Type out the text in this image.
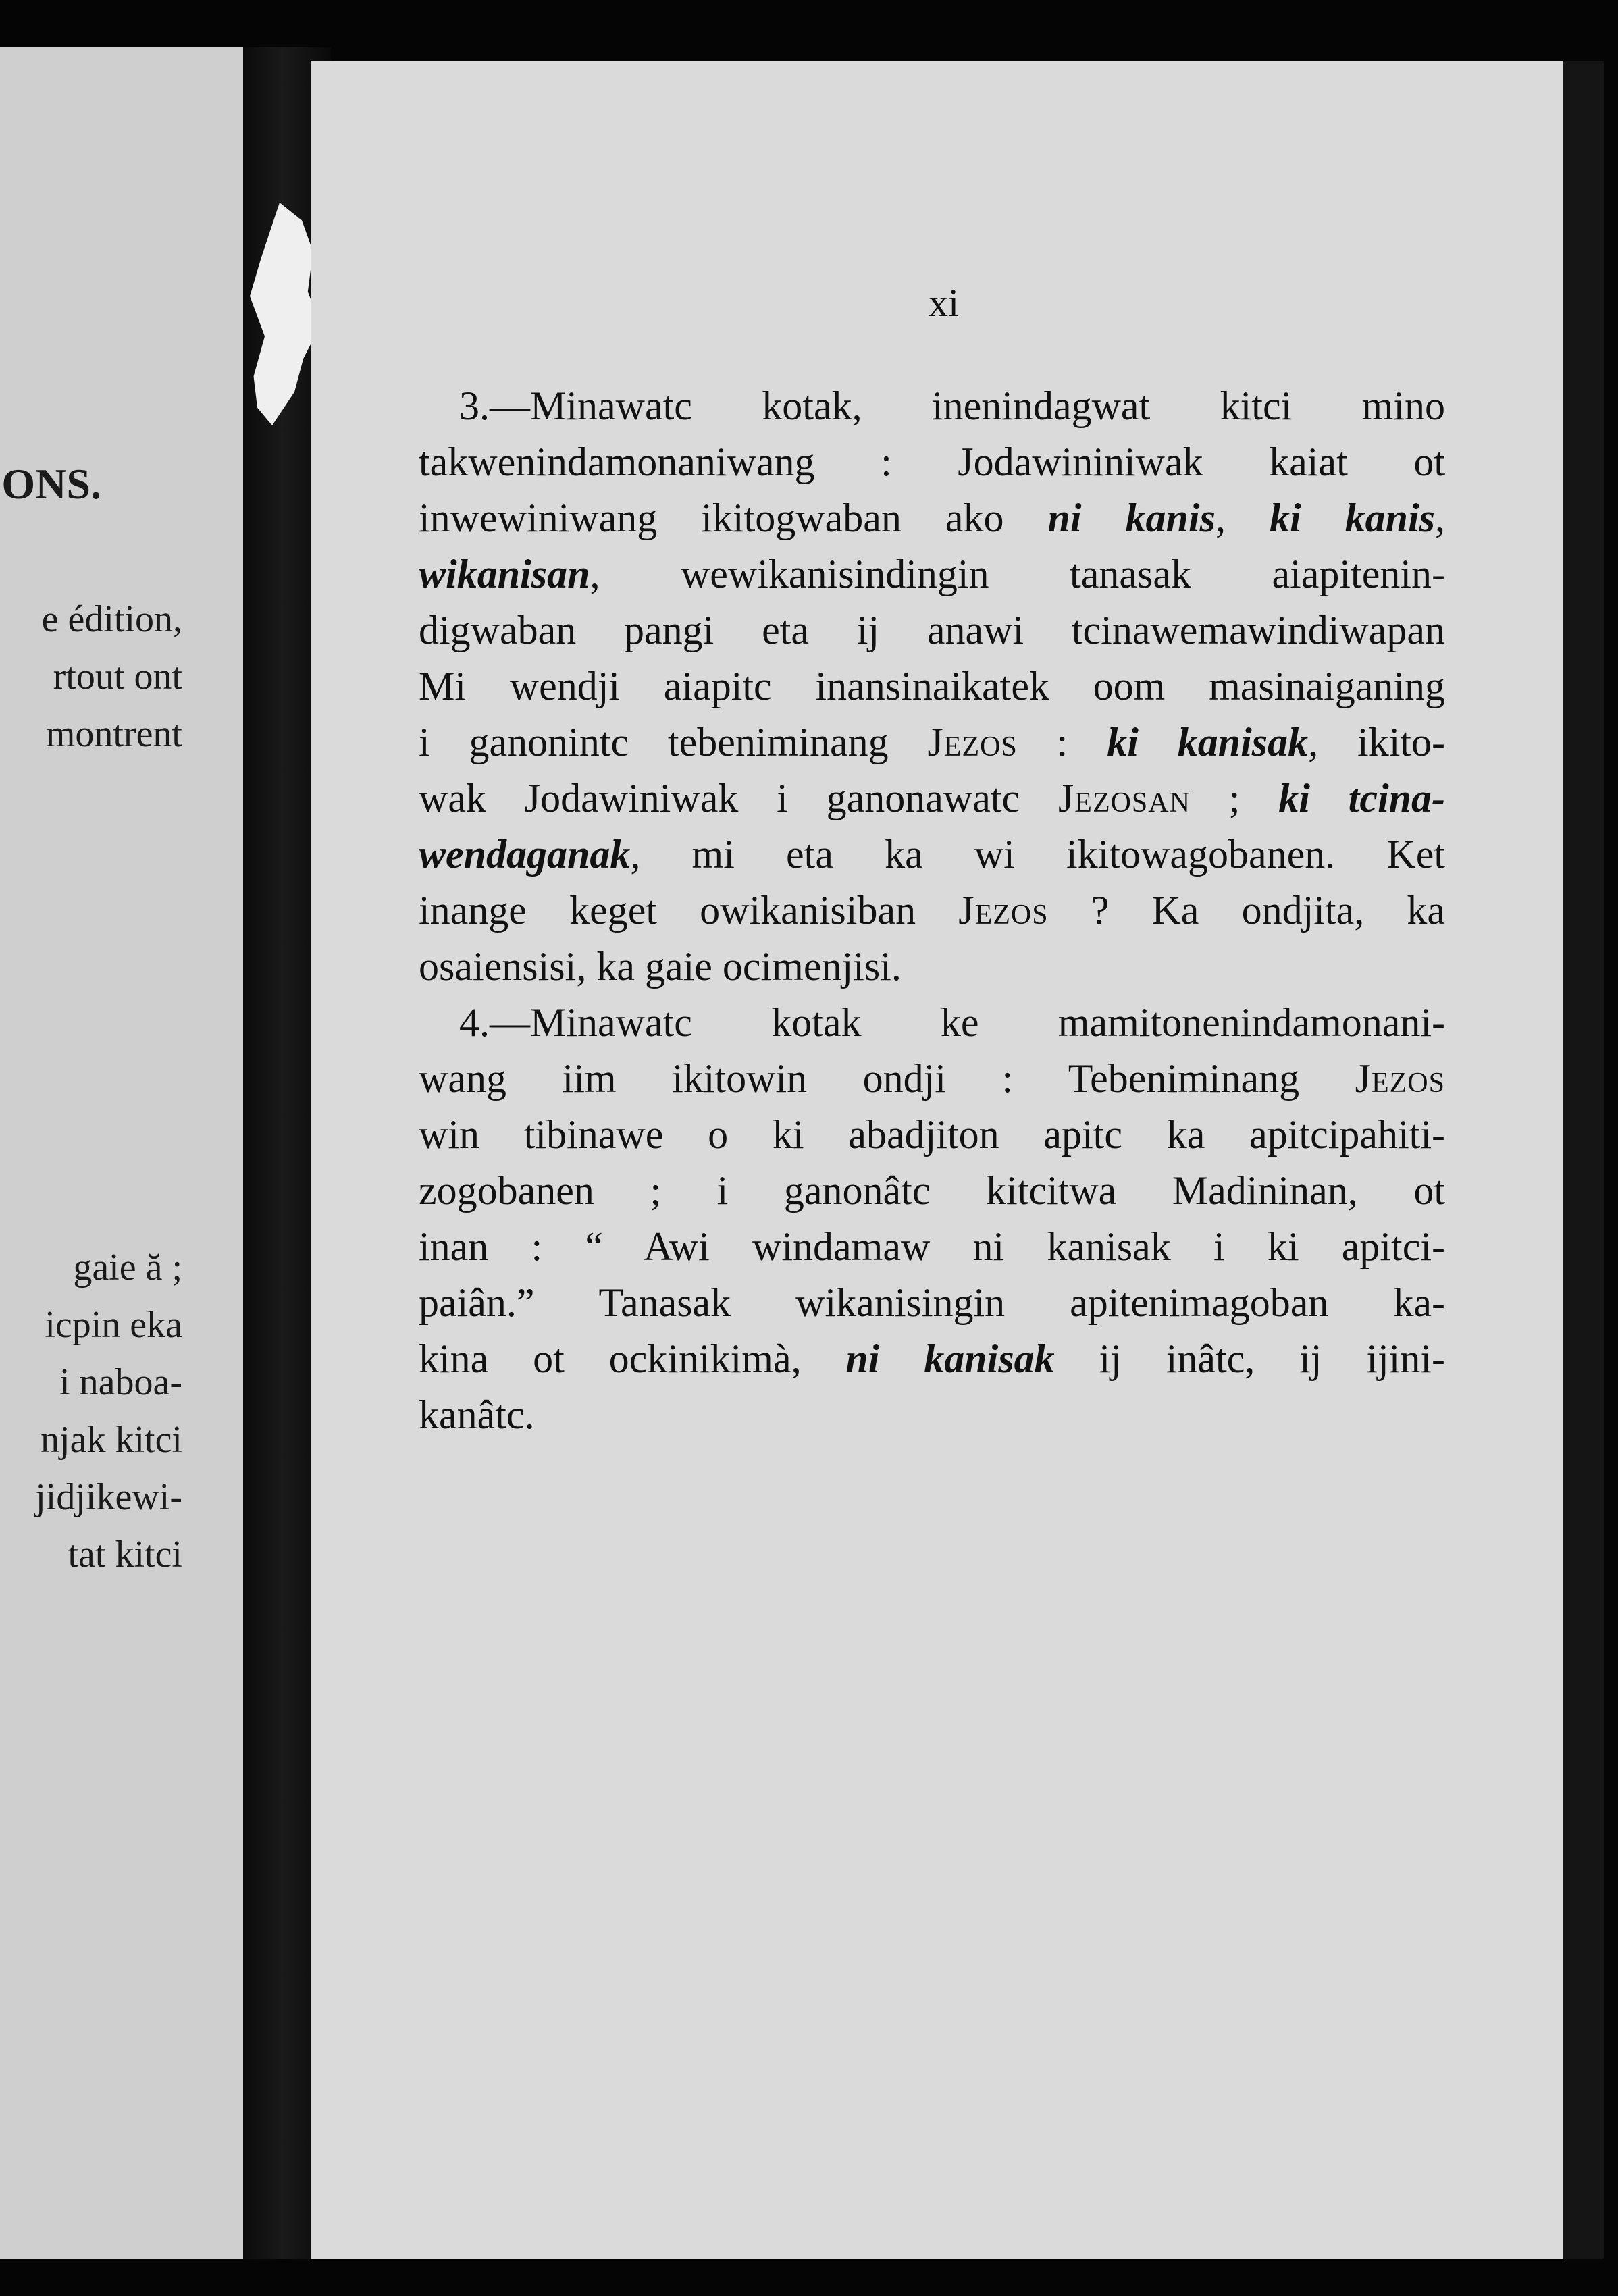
ONS.
e édition,
rtout ont
montrent
gaie ă ;
icpin eka
i naboa-
njak kitci
jidjikewi-
tat kitci
xi
3.—Minawatc kotak, inenindagwat kitci mino
takwenindamonaniwang : Jodawininiwak kaiat ot
inwewiniwang ikitogwaban ako ni kanis, ki kanis,
wikanisan, wewikanisindingin tanasak aiapitenin-
digwaban pangi eta ij anawi tcinawemawindiwapan
Mi wendji aiapitc inansinaikatek oom masinaiganing
i ganonintc tebeniminang Jezos : ki kanisak, ikito-
wak Jodawiniwak i ganonawatc Jezosan ; ki tcina-
wendaganak, mi eta ka wi ikitowagobanen. Ket
inange keget owikanisiban Jezos ? Ka ondjita, ka
osaiensisi, ka gaie ocimenjisi.
4.—Minawatc kotak ke mamitonenindamonani-
wang iim ikitowin ondji : Tebeniminang Jezos
win tibinawe o ki abadjiton apitc ka apitcipahiti-
zogobanen ; i ganonâtc kitcitwa Madininan, ot
inan : “ Awi windamaw ni kanisak i ki apitci-
paiân.” Tanasak wikanisingin apitenimagoban ka-
kina ot ockinikimà, ni kanisak ij inâtc, ij ijini-
kanâtc.
